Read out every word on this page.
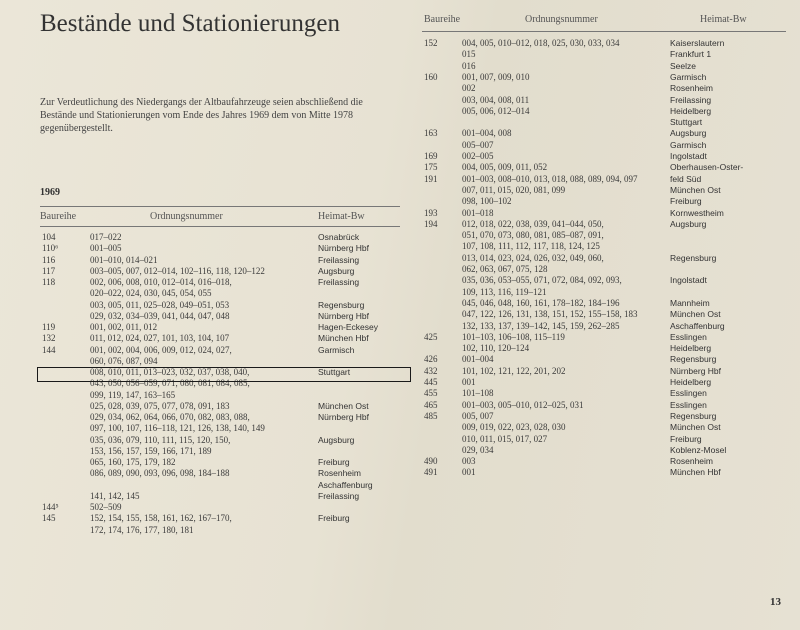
Bestände und Stationierungen
Zur Verdeutlichung des Niedergangs der Altbaufahrzeuge seien abschließend die Bestände und Stationierungen vom Ende des Jahres 1969 dem von Mitte 1978 gegenübergestellt.
1969
Baureihe	Ordnungsnummer	Heimat-Bw
104	017–022	Osnabrück
110⁶	001–005	Nürnberg Hbf
116	001–010, 014–021	Freilassing
117	003–005, 007, 012–014, 102–116, 118, 120–122	Augsburg
118	002, 006, 008, 010, 012–014, 016–018,	Freilassing
020–022, 024, 030, 045, 054, 055
003, 005, 011, 025–028, 049–051, 053	Regensburg
029, 032, 034–039, 041, 044, 047, 048	Nürnberg Hbf
119	001, 002, 011, 012	Hagen-Eckesey
132	011, 012, 024, 027, 101, 103, 104, 107	München Hbf
144	001, 002, 004, 006, 009, 012, 024, 027,	Garmisch
060, 076, 087, 094
008, 010, 011, 013–023, 032, 037, 038, 040,	Stuttgart
043, 050, 056–059, 071, 080, 081, 084, 085,
099, 119, 147, 163–165
025, 028, 039, 075, 077, 078, 091, 183	München Ost
029, 034, 062, 064, 066, 070, 082, 083, 088,	Nürnberg Hbf
097, 100, 107, 116–118, 121, 126, 138, 140, 149
035, 036, 079, 110, 111, 115, 120, 150,	Augsburg
153, 156, 157, 159, 166, 171, 189
065, 160, 175, 179, 182	Freiburg
086, 089, 090, 093, 096, 098, 184–188	Rosenheim
Aschaffenburg
141, 142, 145	Freilassing
144⁵	502–509
145	152, 154, 155, 158, 161, 162, 167–170,	Freiburg
172, 174, 176, 177, 180, 181
Baureihe	Ordnungsnummer	Heimat-Bw
152	004, 005, 010–012, 018, 025, 030, 033, 034	Kaiserslautern
015	Frankfurt 1
016	Seelze
160	001, 007, 009, 010	Garmisch
002	Rosenheim
003, 004, 008, 011	Freilassing
005, 006, 012–014	Heidelberg
Stuttgart
163	001–004, 008	Augsburg
005–007	Garmisch
169	002–005	Ingolstadt
175	004, 005, 009, 011, 052	Oberhausen-Oster-
191	001–003, 008–010, 013, 018, 088, 089, 094, 097	feld Süd
007, 011, 015, 020, 081, 099	München Ost
098, 100–102	Freiburg
193	001–018	Kornwestheim
194	012, 018, 022, 038, 039, 041–044, 050,	Augsburg
051, 070, 073, 080, 081, 085–087, 091,
107, 108, 111, 112, 117, 118, 124, 125
013, 014, 023, 024, 026, 032, 049, 060,	Regensburg
062, 063, 067, 075, 128
035, 036, 053–055, 071, 072, 084, 092, 093,	Ingolstadt
109, 113, 116, 119–121
045, 046, 048, 160, 161, 178–182, 184–196	Mannheim
047, 122, 126, 131, 138, 151, 152, 155–158, 183	München Ost
132, 133, 137, 139–142, 145, 159, 262–285	Aschaffenburg
425	101–103, 106–108, 115–119	Esslingen
102, 110, 120–124	Heidelberg
426	001–004	Regensburg
432	101, 102, 121, 122, 201, 202	Nürnberg Hbf
445	001	Heidelberg
455	101–108	Esslingen
465	001–003, 005–010, 012–025, 031	Esslingen
485	005, 007	Regensburg
009, 019, 022, 023, 028, 030	München Ost
010, 011, 015, 017, 027	Freiburg
029, 034	Koblenz-Mosel
490	003	Rosenheim
491	001	München Hbf
13
